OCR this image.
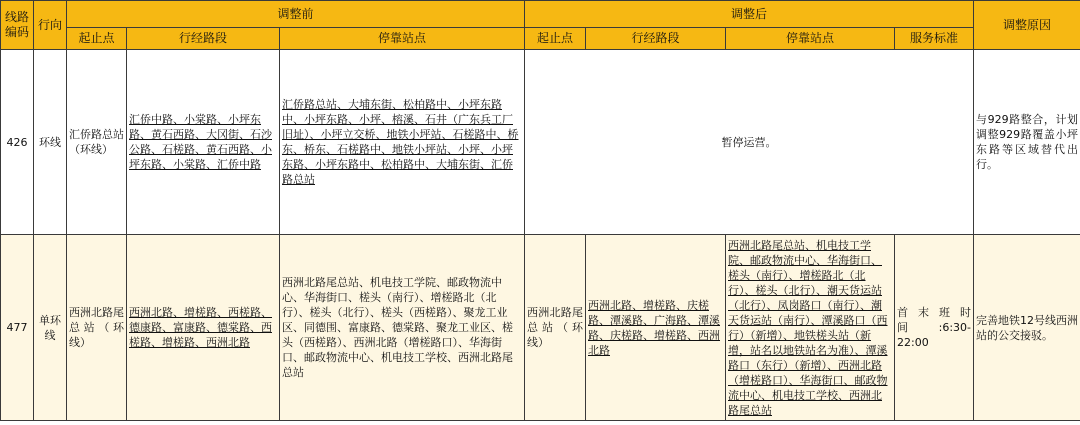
线路编码	行向	调整前			调整后				调整原因
		起止点	行经路段	停靠站点	起止点	行经路段	停靠站点	服务标准	
426	环线	汇侨路总站（环线）	汇侨中路、小棠路、小坪东路、黄石西路、大冈街、石沙公路、石槎路、黄石西路、小坪东路、小棠路、汇侨中路	汇侨路总站、大埔东街、松柏路中、小坪东路中、小坪东路、小坪、榕溪、石井（广东兵工厂旧址）、小坪立交桥、地铁小坪站、石槎路中、桥东、桥东、石槎路中、地铁小坪站、小坪、小坪东路、小坪东路中、松柏路中、大埔东街、汇侨路总站	暂停运营。				与929路整合，计划调整929路覆盖小坪东路等区域替代出行。
477	单环线	西洲北路尾总站（环线）	西洲北路、增槎路、西槎路、德康路、富康路、德棠路、西槎路、增槎路、西洲北路	西洲北路尾总站、机电技工学院、邮政物流中心、华海街口、槎头（南行）、增槎路北（北行）、槎头（北行）、槎头（西槎路）、聚龙工业区、同德围、富康路、德棠路、聚龙工业区、槎头（西槎路）、西洲北路（增槎路口）、华海街口、邮政物流中心、机电技工学校、西洲北路尾总站	西洲北路尾总站（环线）	西洲北路、增槎路、庆槎路、潭溪路、广海路、潭溪路、庆槎路、增槎路、西洲北路	西洲北路尾总站、机电技工学院、邮政物流中心、华海街口、槎头（南行）、增槎路北（北行）、槎头（北行）、潮天货运站（北行）、凤岗路口（南行）、潮天货运站（南行）、潭溪路口（西行）（新增）、地铁槎头站（新增，站名以地铁站名为准）、潭溪路口（东行）（新增）、西洲北路（增槎路口）、华海街口、邮政物流中心、机电技工学校、西洲北路尾总站	首末班时间:6:30-22:00	完善地铁12号线西洲站的公交接驳。
